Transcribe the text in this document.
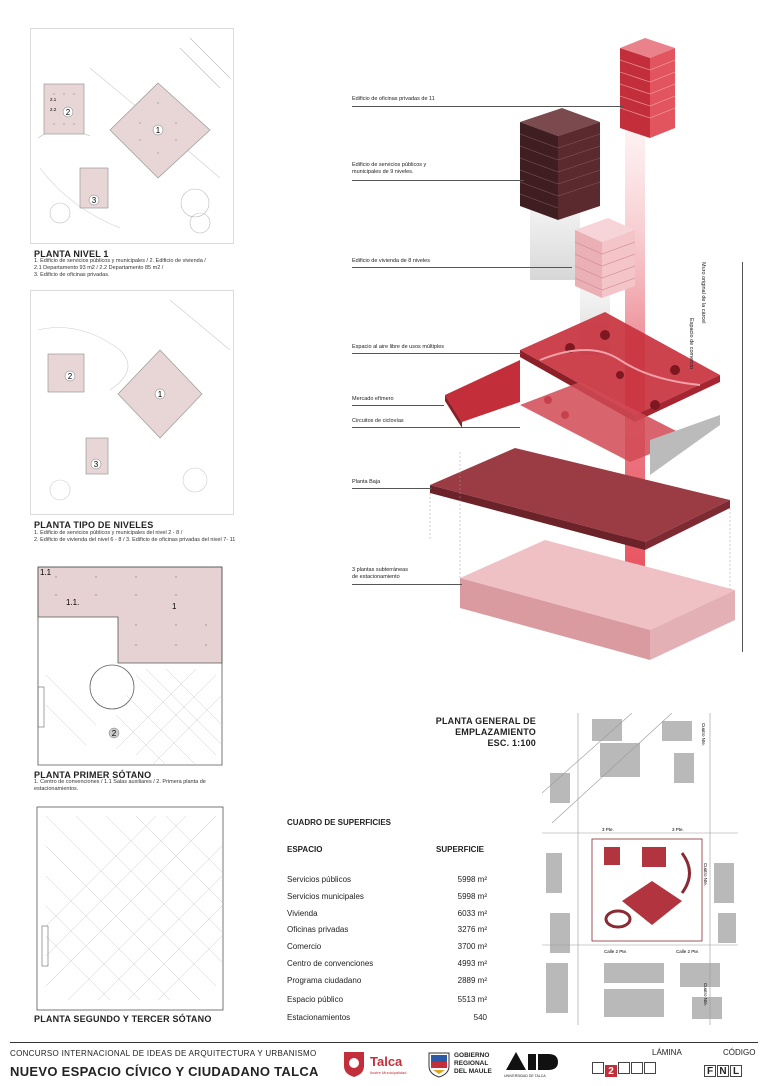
1
2
2.1
2.2
3
PLANTA NIVEL 1
1. Edificio de servicios públicos y municipales / 2. Edificio de vivienda /
2.1 Departamento 93 m2 / 2.2 Departamento 85 m2 /
3. Edificio de oficinas privadas.
1
2
3
PLANTA TIPO DE NIVELES
1. Edificio de servicios públicos y municipales del nivel 2 - 8 /
2. Edificio de vivienda del nivel 6 - 8 / 3. Edificio de oficinas privadas del nivel 7- 11
1.1
1.1.	1
2
PLANTA PRIMER SÓTANO
1. Centro de convenciones / 1.1 Salas auxiliares / 2. Primera planta de
estacionamientos.
PLANTA SEGUNDO Y TERCER SÓTANO
Edificio de oficinas privadas de 11
Edificio de servicios públicos y
municipales de 9 niveles.
Edificio de vivienda de 8 niveles
Espacio al aire libre de usos múltiples
Mercado efímero
Circuitos de ciclovías
Planta Baja
3 plantas subterráneas
de estacionamiento
Muro original de la cárcel
Espacio de comercio
PLANTA GENERAL DE
EMPLAZAMIENTO
ESC. 1:100	Cuatro Nte.
3 Pte.	3 Pte.
Cuatro Nte.
Calle 2 Pte.	Calle 2 Pte.
Cuatro Nte.
CUADRO DE SUPERFICIES
ESPACIO	SUPERFICIE
Servicios públicos	5998 m²
Servicios municipales	5998 m²
Vivienda	6033 m²
Oficinas privadas	3276 m²
Comercio	3700 m²
Centro de convenciones	4993 m²
Programa ciudadano	2889 m²
Espacio público	5513 m²
Estacionamientos	540
CONCURSO INTERNACIONAL DE IDEAS DE ARQUITECTURA Y URBANISMO
NUEVO ESPACIO CÍVICO Y CIUDADANO TALCA
Talca
Ilustre Municipalidad
GOBIERNO
REGIONAL
DEL MAULE
UNIVERSIDAD DE TALCA
LÁMINA
2
CÓDIGO
F N L
